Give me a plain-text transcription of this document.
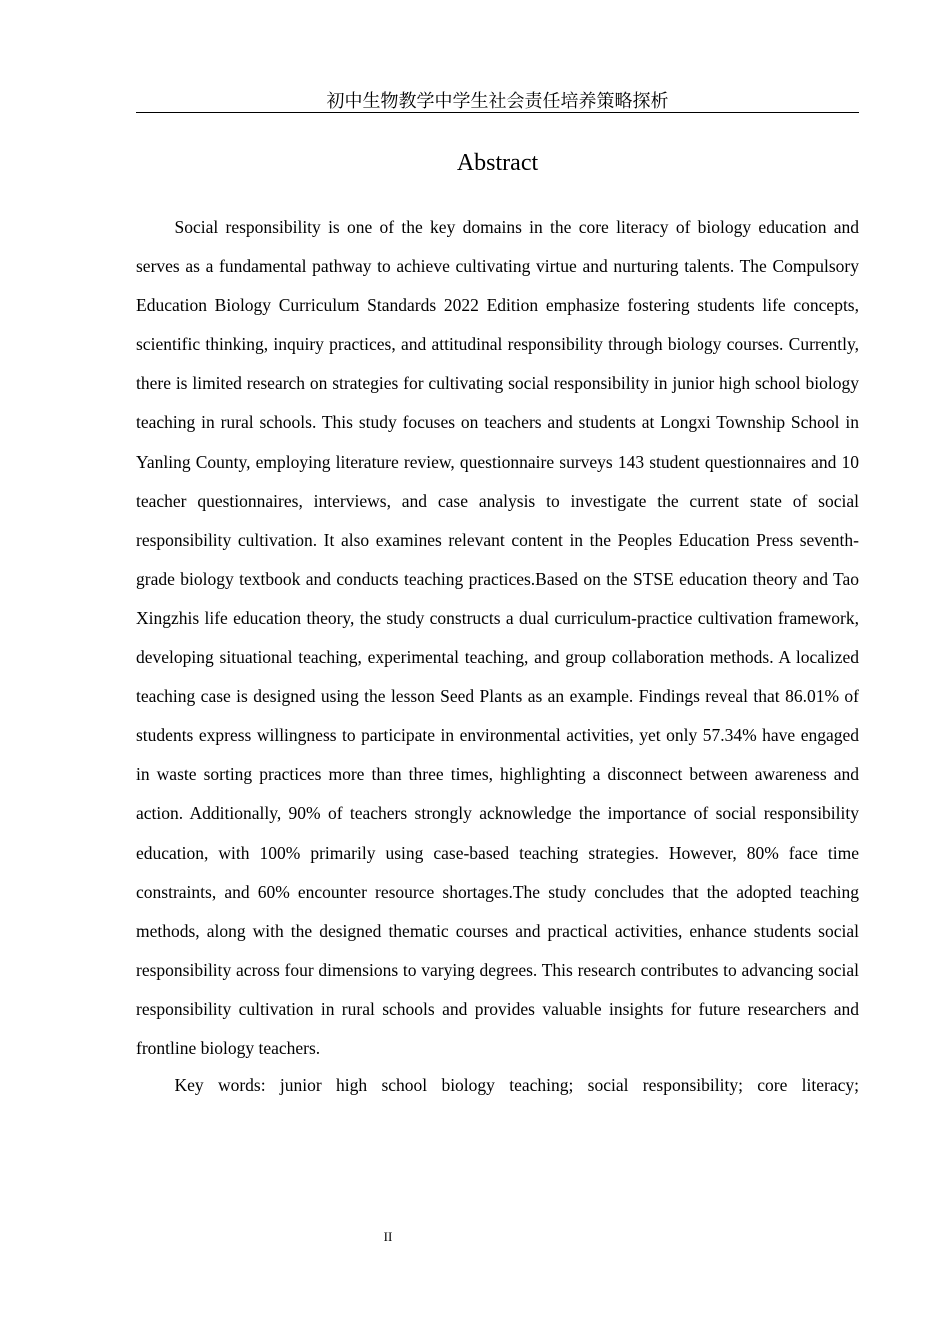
初中生物教学中学生社会责任培养策略探析
Abstract

Social responsibility is one of the key domains in the core literacy of biology education and serves as a fundamental pathway to achieve cultivating virtue and nurturing talents. The Compulsory Education Biology Curriculum Standards 2022 Edition emphasize fostering students life concepts, scientific thinking, inquiry practices, and attitudinal responsibility through biology courses. Currently, there is limited research on strategies for cultivating social responsibility in junior high school biology teaching in rural schools. This study focuses on teachers and students at Longxi Township School in Yanling County, employing literature review, questionnaire surveys 143 student questionnaires and 10 teacher questionnaires, interviews, and case analysis to investigate the current state of social responsibility cultivation. It also examines relevant content in the Peoples Education Press seventh-grade biology textbook and conducts teaching practices.Based on the STSE education theory and Tao Xingzhis life education theory, the study constructs a dual curriculum-practice cultivation framework, developing situational teaching, experimental teaching, and group collaboration methods. A localized teaching case is designed using the lesson Seed Plants as an example. Findings reveal that 86.01% of students express willingness to participate in environmental activities, yet only 57.34% have engaged in waste sorting practices more than three times, highlighting a disconnect between awareness and action. Additionally, 90% of teachers strongly acknowledge the importance of social responsibility education, with 100% primarily using case-based teaching strategies. However, 80% face time constraints, and 60% encounter resource shortages.The study concludes that the adopted teaching methods, along with the designed thematic courses and practical activities, enhance students social responsibility across four dimensions to varying degrees. This research contributes to advancing social responsibility cultivation in rural schools and provides valuable insights for future researchers and frontline biology teachers.

Key words: junior high school biology teaching; social responsibility; core literacy;

II
